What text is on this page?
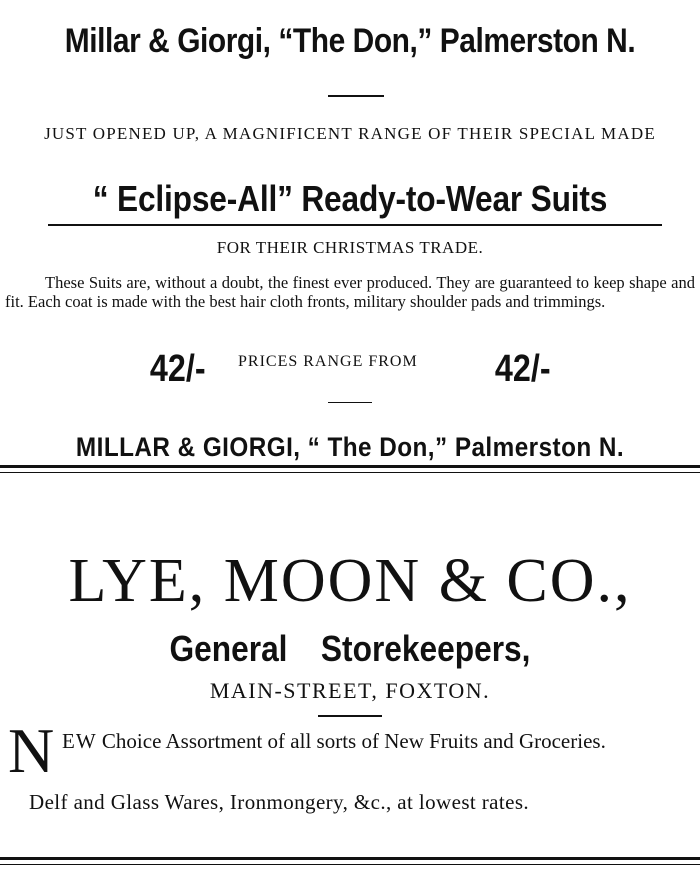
Millar & Giorgi, “The Don,” Palmerston N.
JUST OPENED UP, A MAGNIFICENT RANGE OF THEIR SPECIAL MADE
“ Eclipse-All” Ready-to-Wear Suits
FOR THEIR CHRISTMAS TRADE.
These Suits are, without a doubt, the finest ever produced. They are guaranteed to keep shape and fit. Each coat is made with the best hair cloth fronts, military shoulder pads and trimmings.
42/- PRICES RANGE FROM 42/-
MILLAR & GIORGI, “ The Don,” Palmerston N.
LYE, MOON & CO.,
General Storekeepers,
MAIN-STREET, FOXTON.
N EW Choice Assortment of all sorts of New Fruits and Groceries.
Delf and Glass Wares, Ironmongery, &c., at lowest rates.
